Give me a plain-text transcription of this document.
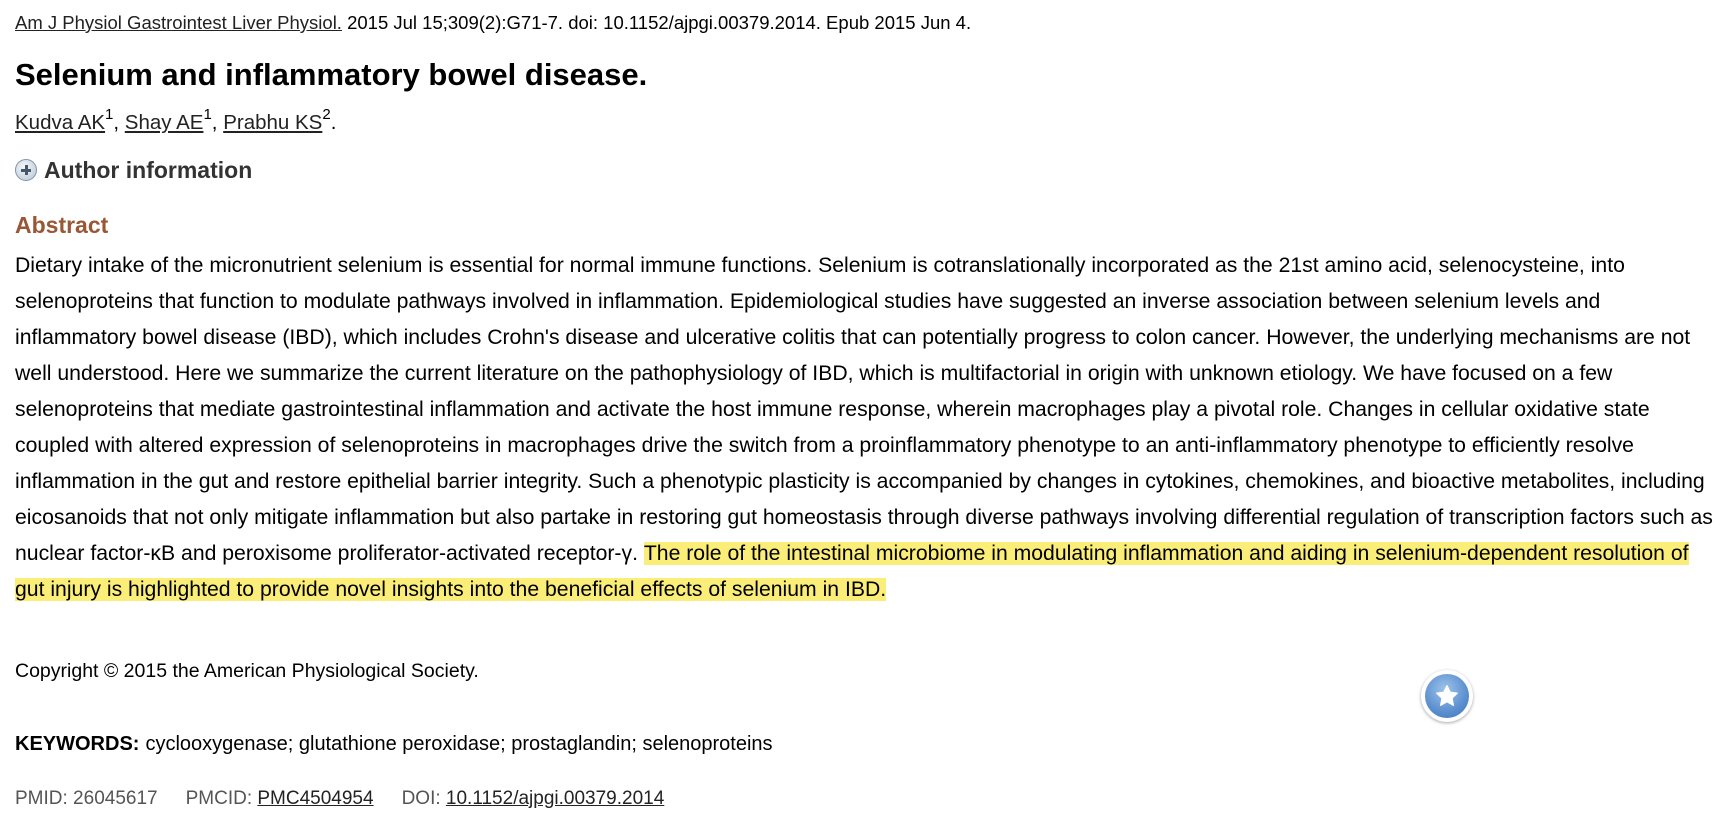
Am J Physiol Gastrointest Liver Physiol. 2015 Jul 15;309(2):G71-7. doi: 10.1152/ajpgi.00379.2014. Epub 2015 Jun 4.
Selenium and inflammatory bowel disease.
Kudva $AK^1$, Shay $AE^1$, Prabhu $KS^2$.
Author information
Abstract
Dietary intake of the micronutrient selenium is essential for normal immune functions. Selenium is cotranslationally incorporated as the 21st amino acid, selenocysteine, into selenoproteins that function to modulate pathways involved in inflammation. Epidemiological studies have suggested an inverse association between selenium levels and inflammatory bowel disease (IBD), which includes Crohn's disease and ulcerative colitis that can potentially progress to colon cancer. However, the underlying mechanisms are not well understood. Here we summarize the current literature on the pathophysiology of IBD, which is multifactorial in origin with unknown etiology. We have focused on a few selenoproteins that mediate gastrointestinal inflammation and activate the host immune response, wherein macrophages play a pivotal role. Changes in cellular oxidative state coupled with altered expression of selenoproteins in macrophages drive the switch from a proinflammatory phenotype to an anti-inflammatory phenotype to efficiently resolve inflammation in the gut and restore epithelial barrier integrity. Such a phenotypic plasticity is accompanied by changes in cytokines, chemokines, and bioactive metabolites, including eicosanoids that not only mitigate inflammation but also partake in restoring gut homeostasis through diverse pathways involving differential regulation of transcription factors such as nuclear factor-κB and peroxisome proliferator-activated receptor-γ. The role of the intestinal microbiome in modulating inflammation and aiding in selenium-dependent resolution of gut injury is highlighted to provide novel insights into the beneficial effects of selenium in IBD.
Copyright © 2015 the American Physiological Society.
KEYWORDS: cyclooxygenase; glutathione peroxidase; prostaglandin; selenoproteins
PMID: 26045617 PMCID: PMC4504954 DOI: 10.1152/ajpgi.00379.2014
